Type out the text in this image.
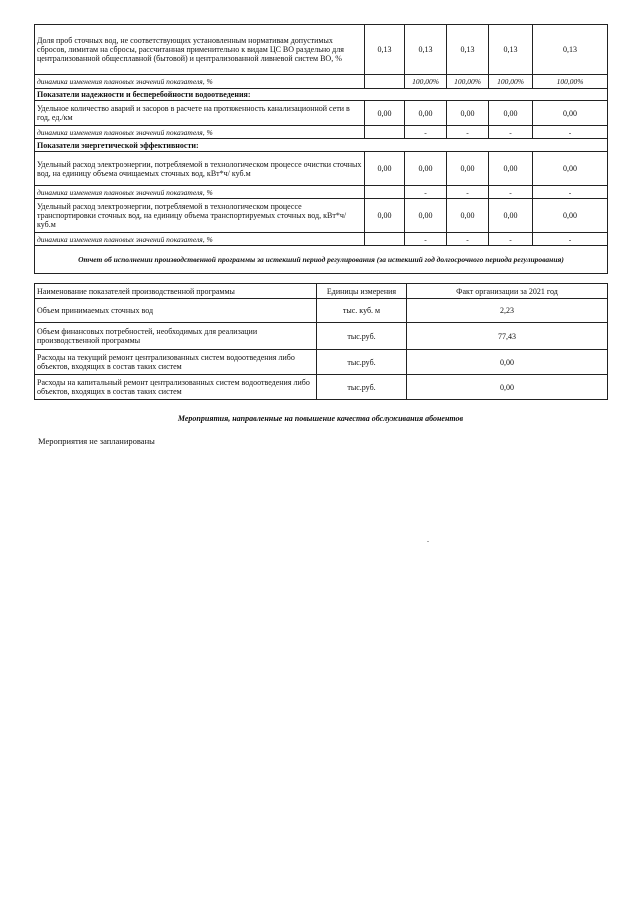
Доля проб сточных вод, не соответствующих установленным нормативам допустимых сбросов, лимитам на сбросы, рассчитанная применительно к видам ЦС ВО раздельно для централизованной общесплавной (бытовой) и централизованной ливневой систем ВО, %	0,13	0,13	0,13	0,13	0,13
динамика изменения плановых значений показателя, %		100,00%	100,00%	100,00%	100,00%
Показатели надежности и бесперебойности водоотведения:					
Удельное количество аварий и засоров в расчете на протяженность канализационной сети в год, ед./км	0,00	0,00	0,00	0,00	0,00
динамика изменения плановых значений показателя, %		-	-	-	-
Показатели энергетической эффективности:					
Удельный расход электроэнергии, потребляемой в технологическом процессе очистки сточных вод, на единицу объема очищаемых сточных вод, кВт*ч/ куб.м	0,00	0,00	0,00	0,00	0,00
динамика изменения плановых значений показателя, %		-	-	-	-
Удельный расход электроэнергии, потребляемой в технологическом процессе транспортировки сточных вод, на единицу объема транспортируемых сточных вод, кВт*ч/ куб.м	0,00	0,00	0,00	0,00	0,00
динамика изменения плановых значений показателя, %		-	-	-	-
Отчет об исполнении производственной программы за истекший период регулирования (за истекший год долгосрочного периода регулирования)					
Наименование показателей производственной программы	Единицы измерения	Факт организации за 2021 год
Объем принимаемых сточных вод	тыс. куб. м	2,23
Объем финансовых потребностей, необходимых для реализации производственной программы	тыс.руб.	77,43
Расходы на текущий ремонт централизованных систем водоотведения либо объектов, входящих в состав таких систем	тыс.руб.	0,00
Расходы на капитальный ремонт централизованных систем водоотведения либо объектов, входящих в состав таких систем	тыс.руб.	0,00
Мероприятия, направленные на повышение качества обслуживания абонентов
Мероприятия не запланированы
